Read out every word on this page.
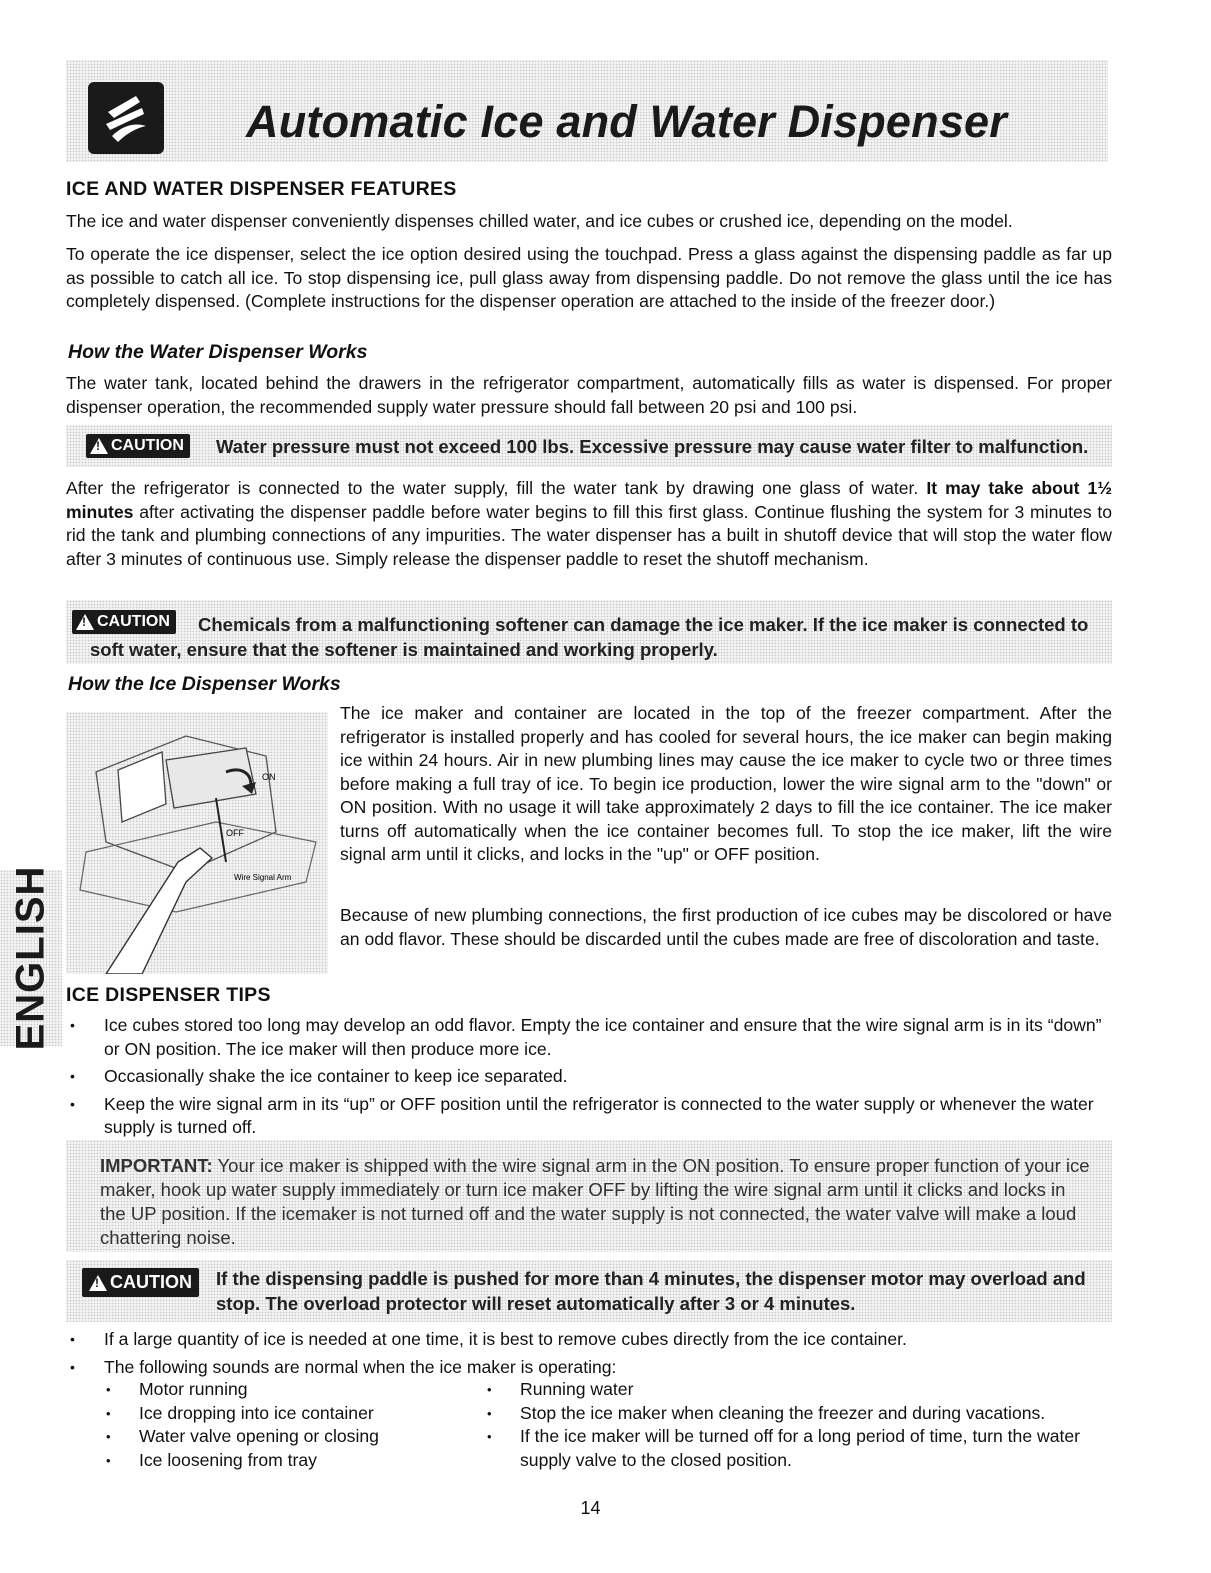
Automatic Ice and Water Dispenser
ICE AND WATER DISPENSER FEATURES
The ice and water dispenser conveniently dispenses chilled water, and ice cubes or crushed ice, depending on the model.
To operate the ice dispenser, select the ice option desired using the touchpad. Press a glass against the dispensing paddle as far up as possible to catch all ice. To stop dispensing ice, pull glass away from dispensing paddle. Do not remove the glass until the ice has completely dispensed. (Complete instructions for the dispenser operation are attached to the inside of the freezer door.)
How the Water Dispenser Works
The water tank, located behind the drawers in the refrigerator compartment, automatically fills as water is dispensed. For proper dispenser operation, the recommended supply water pressure should fall between 20 psi and 100 psi.
!
CAUTION Water pressure must not exceed 100 lbs. Excessive pressure may cause water filter to malfunction.
After the refrigerator is connected to the water supply, fill the water tank by drawing one glass of water. It may take about 1½ minutes after activating the dispenser paddle before water begins to fill this first glass. Continue flushing the system for 3 minutes to rid the tank and plumbing connections of any impurities. The water dispenser has a built in shutoff device that will stop the water flow after 3 minutes of continuous use. Simply release the dispenser paddle to reset the shutoff mechanism.
!
CAUTION	Chemicals from a malfunctioning softener can damage the ice maker. If the ice maker is connected to soft water, ensure that the softener is maintained and working properly.
How the Ice Dispenser Works
ON
OFF
Wire Signal Arm
The ice maker and container are located in the top of the freezer compartment. After the refrigerator is installed properly and has cooled for several hours, the ice maker can begin making ice within 24 hours. Air in new plumbing lines may cause the ice maker to cycle two or three times before making a full tray of ice. To begin ice production, lower the wire signal arm to the "down" or ON position. With no usage it will take approximately 2 days to fill the ice container. The ice maker turns off automatically when the ice container becomes full. To stop the ice maker, lift the wire signal arm until it clicks, and locks in the "up" or OFF position.
Because of new plumbing connections, the first production of ice cubes may be discolored or have an odd flavor. These should be discarded until the cubes made are free of discoloration and taste.
ENGLISH ICE DISPENSER TIPS
• Ice cubes stored too long may develop an odd flavor. Empty the ice container and ensure that the wire signal arm is in its “down” or ON position. The ice maker will then produce more ice.
• Occasionally shake the ice container to keep ice separated.
• Keep the wire signal arm in its “up” or OFF position until the refrigerator is connected to the water supply or whenever the water supply is turned off.
IMPORTANT: Your ice maker is shipped with the wire signal arm in the ON position. To ensure proper function of your ice maker, hook up water supply immediately or turn ice maker OFF by lifting the wire signal arm until it clicks and locks in the UP position. If the icemaker is not turned off and the water supply is not connected, the water valve will make a loud chattering noise.
!
CAUTION If the dispensing paddle is pushed for more than 4 minutes, the dispenser motor may overload and stop. The overload protector will reset automatically after 3 or 4 minutes.
• If a large quantity of ice is needed at one time, it is best to remove cubes directly from the ice container.
• The following sounds are normal when the ice maker is operating:
• Motor running
• Ice dropping into ice container
• Water valve opening or closing
• Ice loosening from tray
• Running water
• Stop the ice maker when cleaning the freezer and during vacations.
• If the ice maker will be turned off for a long period of time, turn the water supply valve to the closed position.
14
